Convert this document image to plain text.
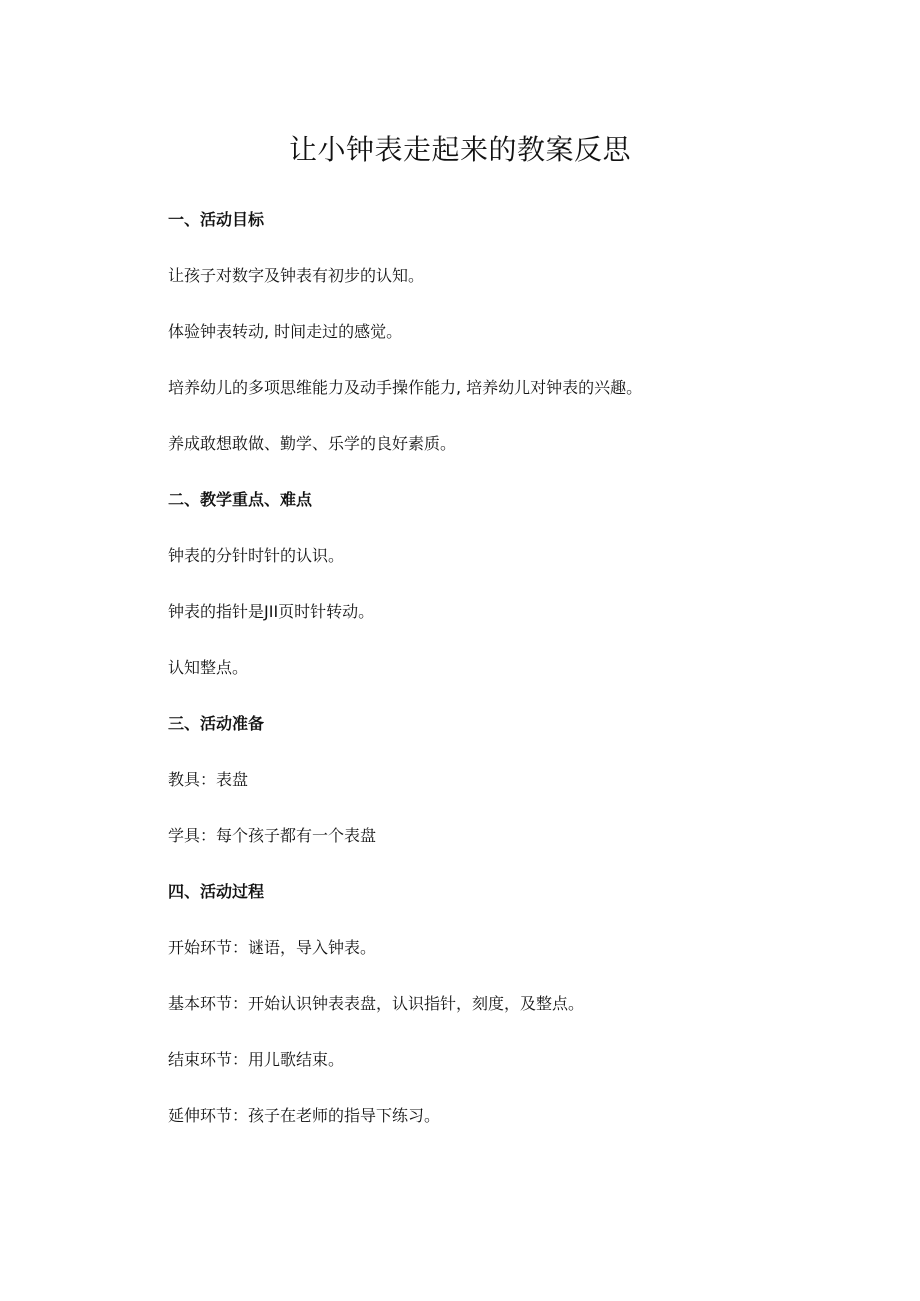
让小钟表走起来的教案反思

一、活动目标

让孩子对数字及钟表有初步的认知。

体验钟表转动, 时间走过的感觉。

培养幼儿的多项思维能力及动手操作能力, 培养幼儿对钟表的兴趣。

养成敢想敢做、勤学、乐学的良好素质。

二、教学重点、难点

钟表的分针时针的认识。

钟表的指针是JII页时针转动。

认知整点。

三、活动准备

教具：表盘

学具：每个孩子都有一个表盘

四、活动过程

开始环节：谜语，导入钟表。

基本环节：开始认识钟表表盘，认识指针，刻度，及整点。

结束环节：用儿歌结束。

延伸环节：孩子在老师的指导下练习。
